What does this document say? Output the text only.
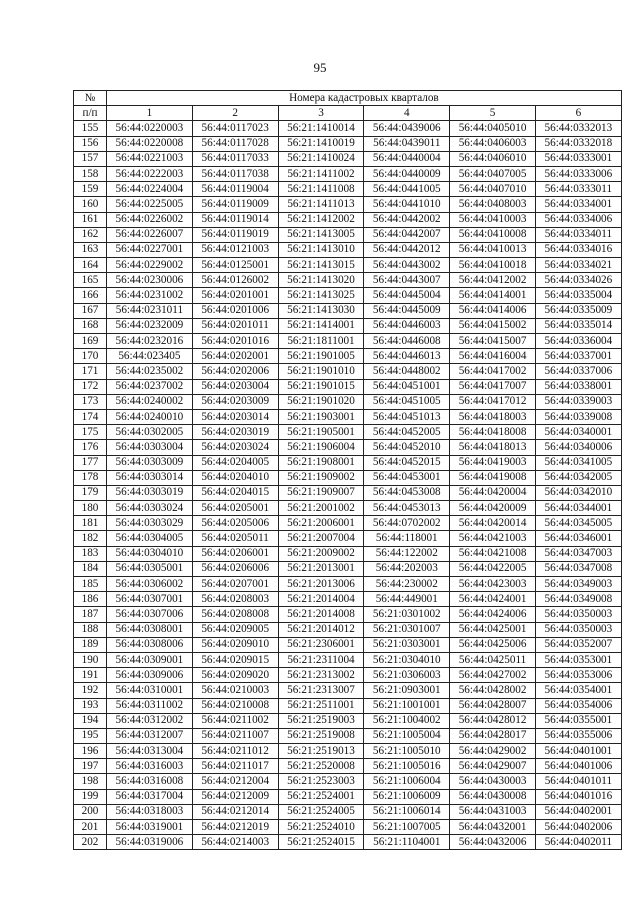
95
№	Номера кадастровых кварталов					
п/п	1	2	3	4	5	6
155	56:44:0220003	56:44:0117023	56:21:1410014	56:44:0439006	56:44:0405010	56:44:0332013
156	56:44:0220008	56:44:0117028	56:21:1410019	56:44:0439011	56:44:0406003	56:44:0332018
157	56:44:0221003	56:44:0117033	56:21:1410024	56:44:0440004	56:44:0406010	56:44:0333001
158	56:44:0222003	56:44:0117038	56:21:1411002	56:44:0440009	56:44:0407005	56:44:0333006
159	56:44:0224004	56:44:0119004	56:21:1411008	56:44:0441005	56:44:0407010	56:44:0333011
160	56:44:0225005	56:44:0119009	56:21:1411013	56:44:0441010	56:44:0408003	56:44:0334001
161	56:44:0226002	56:44:0119014	56:21:1412002	56:44:0442002	56:44:0410003	56:44:0334006
162	56:44:0226007	56:44:0119019	56:21:1413005	56:44:0442007	56:44:0410008	56:44:0334011
163	56:44:0227001	56:44:0121003	56:21:1413010	56:44:0442012	56:44:0410013	56:44:0334016
164	56:44:0229002	56:44:0125001	56:21:1413015	56:44:0443002	56:44:0410018	56:44:0334021
165	56:44:0230006	56:44:0126002	56:21:1413020	56:44:0443007	56:44:0412002	56:44:0334026
166	56:44:0231002	56:44:0201001	56:21:1413025	56:44:0445004	56:44:0414001	56:44:0335004
167	56:44:0231011	56:44:0201006	56:21:1413030	56:44:0445009	56:44:0414006	56:44:0335009
168	56:44:0232009	56:44:0201011	56:21:1414001	56:44:0446003	56:44:0415002	56:44:0335014
169	56:44:0232016	56:44:0201016	56:21:1811001	56:44:0446008	56:44:0415007	56:44:0336004
170	56:44:023405	56:44:0202001	56:21:1901005	56:44:0446013	56:44:0416004	56:44:0337001
171	56:44:0235002	56:44:0202006	56:21:1901010	56:44:0448002	56:44:0417002	56:44:0337006
172	56:44:0237002	56:44:0203004	56:21:1901015	56:44:0451001	56:44:0417007	56:44:0338001
173	56:44:0240002	56:44:0203009	56:21:1901020	56:44:0451005	56:44:0417012	56:44:0339003
174	56:44:0240010	56:44:0203014	56:21:1903001	56:44:0451013	56:44:0418003	56:44:0339008
175	56:44:0302005	56:44:0203019	56:21:1905001	56:44:0452005	56:44:0418008	56:44:0340001
176	56:44:0303004	56:44:0203024	56:21:1906004	56:44:0452010	56:44:0418013	56:44:0340006
177	56:44:0303009	56:44:0204005	56:21:1908001	56:44:0452015	56:44:0419003	56:44:0341005
178	56:44:0303014	56:44:0204010	56:21:1909002	56:44:0453001	56:44:0419008	56:44:0342005
179	56:44:0303019	56:44:0204015	56:21:1909007	56:44:0453008	56:44:0420004	56:44:0342010
180	56:44:0303024	56:44:0205001	56:21:2001002	56:44:0453013	56:44:0420009	56:44:0344001
181	56:44:0303029	56:44:0205006	56:21:2006001	56:44:0702002	56:44:0420014	56:44:0345005
182	56:44:0304005	56:44:0205011	56:21:2007004	56:44:118001	56:44:0421003	56:44:0346001
183	56:44:0304010	56:44:0206001	56:21:2009002	56:44:122002	56:44:0421008	56:44:0347003
184	56:44:0305001	56:44:0206006	56:21:2013001	56:44:202003	56:44:0422005	56:44:0347008
185	56:44:0306002	56:44:0207001	56:21:2013006	56:44:230002	56:44:0423003	56:44:0349003
186	56:44:0307001	56:44:0208003	56:21:2014004	56:44:449001	56:44:0424001	56:44:0349008
187	56:44:0307006	56:44:0208008	56:21:2014008	56:21:0301002	56:44:0424006	56:44:0350003
188	56:44:0308001	56:44:0209005	56:21:2014012	56:21:0301007	56:44:0425001	56:44:0350003
189	56:44:0308006	56:44:0209010	56:21:2306001	56:21:0303001	56:44:0425006	56:44:0352007
190	56:44:0309001	56:44:0209015	56:21:2311004	56:21:0304010	56:44:0425011	56:44:0353001
191	56:44:0309006	56:44:0209020	56:21:2313002	56:21:0306003	56:44:0427002	56:44:0353006
192	56:44:0310001	56:44:0210003	56:21:2313007	56:21:0903001	56:44:0428002	56:44:0354001
193	56:44:0311002	56:44:0210008	56:21:2511001	56:21:1001001	56:44:0428007	56:44:0354006
194	56:44:0312002	56:44:0211002	56:21:2519003	56:21:1004002	56:44:0428012	56:44:0355001
195	56:44:0312007	56:44:0211007	56:21:2519008	56:21:1005004	56:44:0428017	56:44:0355006
196	56:44:0313004	56:44:0211012	56:21:2519013	56:21:1005010	56:44:0429002	56:44:0401001
197	56:44:0316003	56:44:0211017	56:21:2520008	56:21:1005016	56:44:0429007	56:44:0401006
198	56:44:0316008	56:44:0212004	56:21:2523003	56:21:1006004	56:44:0430003	56:44:0401011
199	56:44:0317004	56:44:0212009	56:21:2524001	56:21:1006009	56:44:0430008	56:44:0401016
200	56:44:0318003	56:44:0212014	56:21:2524005	56:21:1006014	56:44:0431003	56:44:0402001
201	56:44:0319001	56:44:0212019	56:21:2524010	56:21:1007005	56:44:0432001	56:44:0402006
202	56:44:0319006	56:44:0214003	56:21:2524015	56:21:1104001	56:44:0432006	56:44:0402011
